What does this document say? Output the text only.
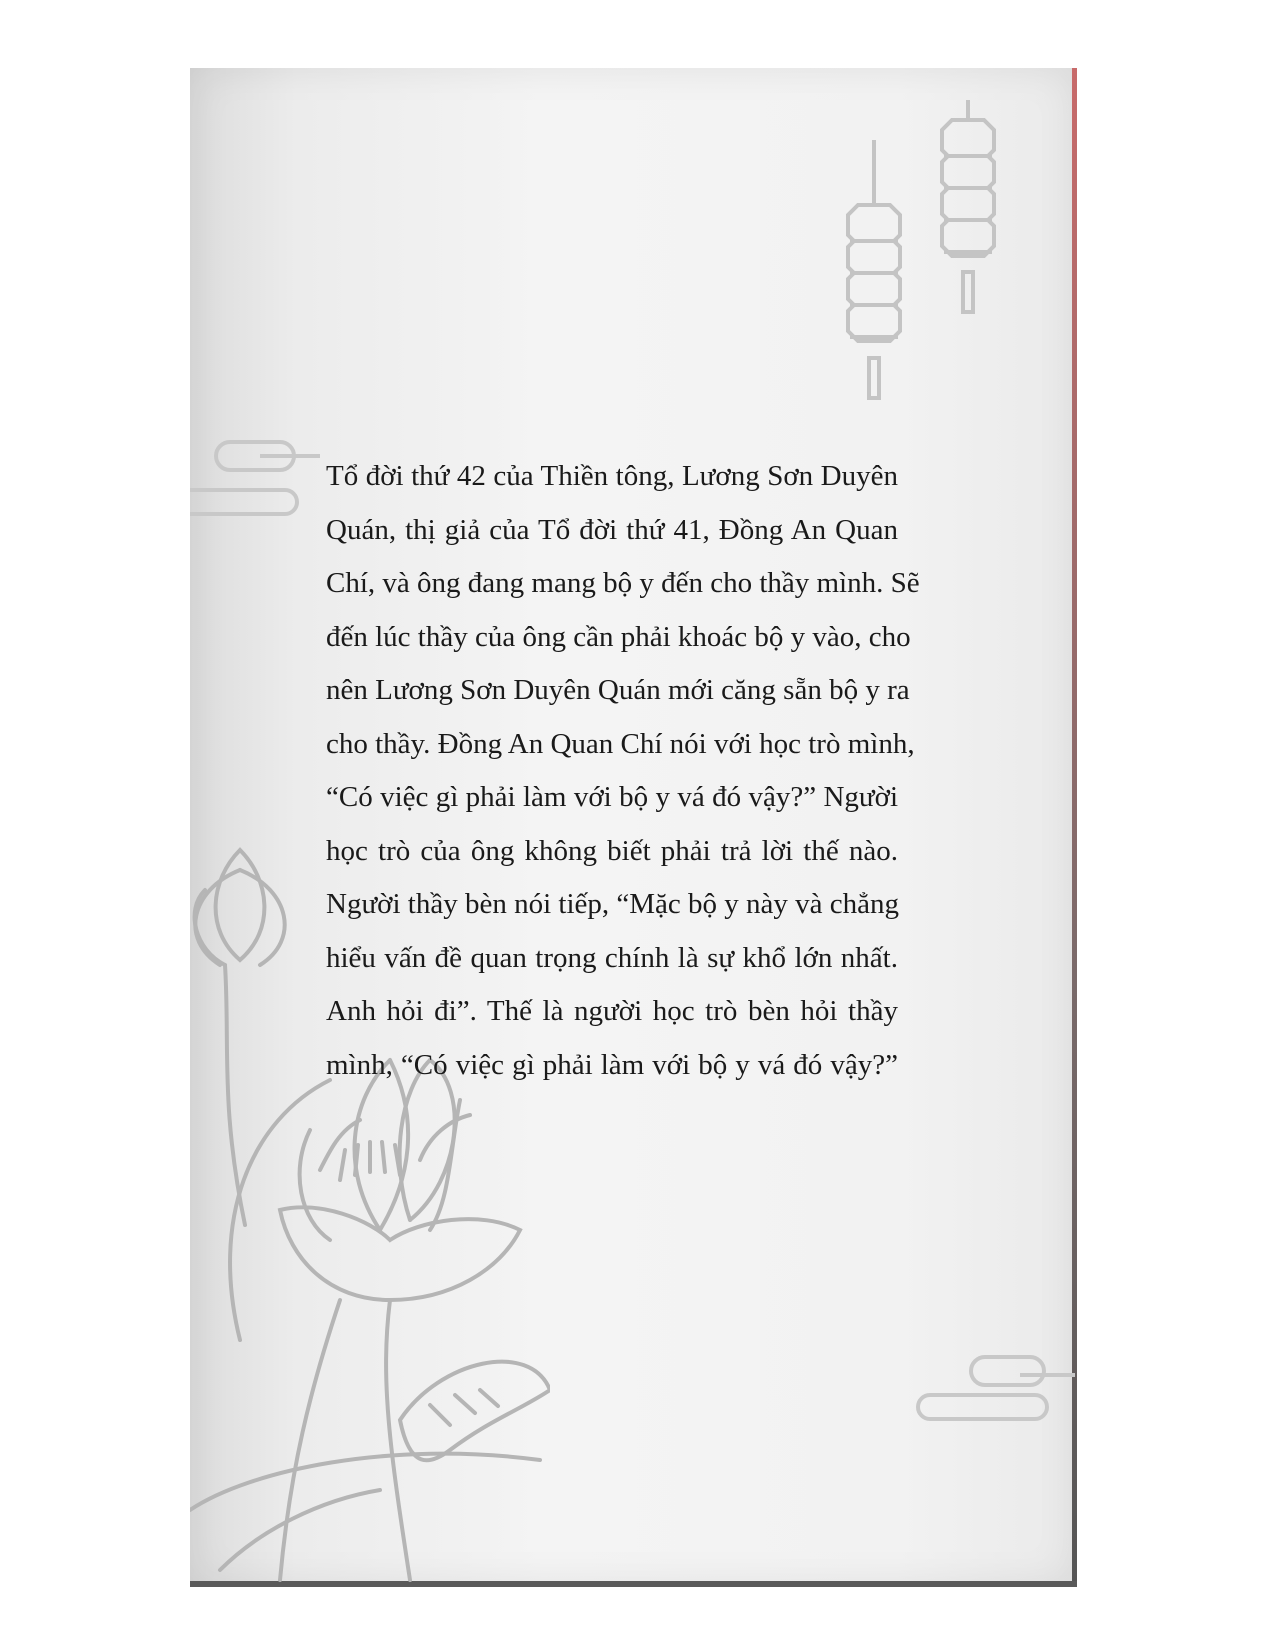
Tổ đời thứ 42 của Thiền tông, Lương Sơn Duyên
Quán, thị giả của Tổ đời thứ 41, Đồng An Quan
Chí, và ông đang mang bộ y đến cho thầy mình. Sẽ
đến lúc thầy của ông cần phải khoác bộ y vào, cho
nên Lương Sơn Duyên Quán mới căng sẵn bộ y ra
cho thầy. Đồng An Quan Chí nói với học trò mình,
“Có việc gì phải làm với bộ y vá đó vậy?” Người
học trò của ông không biết phải trả lời thế nào.
Người thầy bèn nói tiếp, “Mặc bộ y này và chẳng
hiểu vấn đề quan trọng chính là sự khổ lớn nhất.
Anh hỏi đi”. Thế là người học trò bèn hỏi thầy
mình, “Có việc gì phải làm với bộ y vá đó vậy?”
